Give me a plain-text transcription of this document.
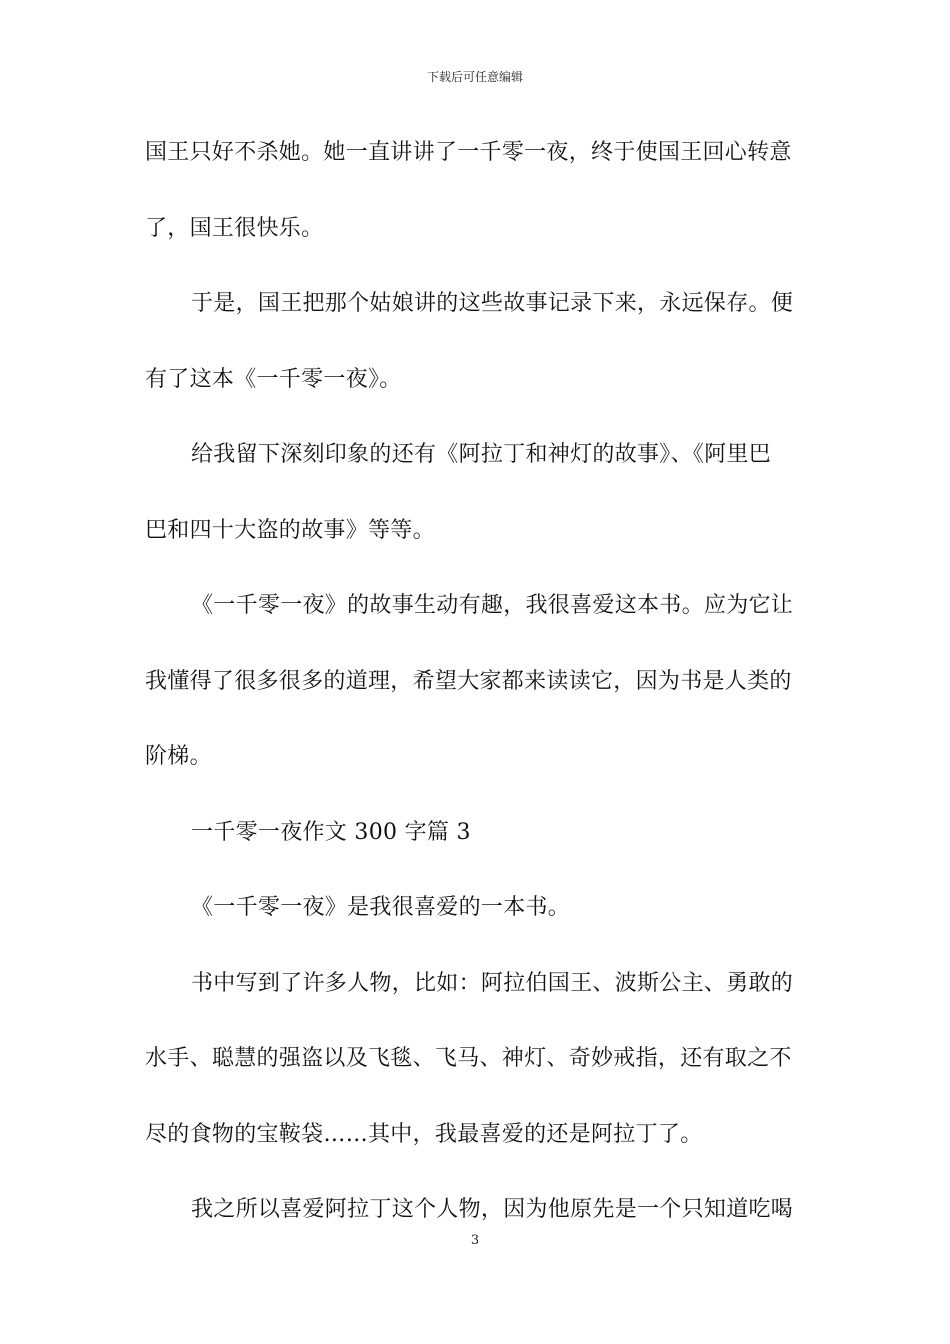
下载后可任意编辑
国王只好不杀她。她一直讲讲了一千零一夜，终于使国王回心转意
了，国王很快乐。
于是，国王把那个姑娘讲的这些故事记录下来，永远保存。便
有了这本《一千零一夜》。
给我留下深刻印象的还有《阿拉丁和神灯的故事》、《阿里巴
巴和四十大盗的故事》等等。
《一千零一夜》的故事生动有趣，我很喜爱这本书。应为它让
我懂得了很多很多的道理，希望大家都来读读它，因为书是人类的
阶梯。
一千零一夜作文 300 字篇 3
《一千零一夜》是我很喜爱的一本书。
书中写到了许多人物，比如：阿拉伯国王、波斯公主、勇敢的
水手、聪慧的强盗以及飞毯、飞马、神灯、奇妙戒指，还有取之不
尽的食物的宝鞍袋……其中，我最喜爱的还是阿拉丁了。
我之所以喜爱阿拉丁这个人物，因为他原先是一个只知道吃喝
3
